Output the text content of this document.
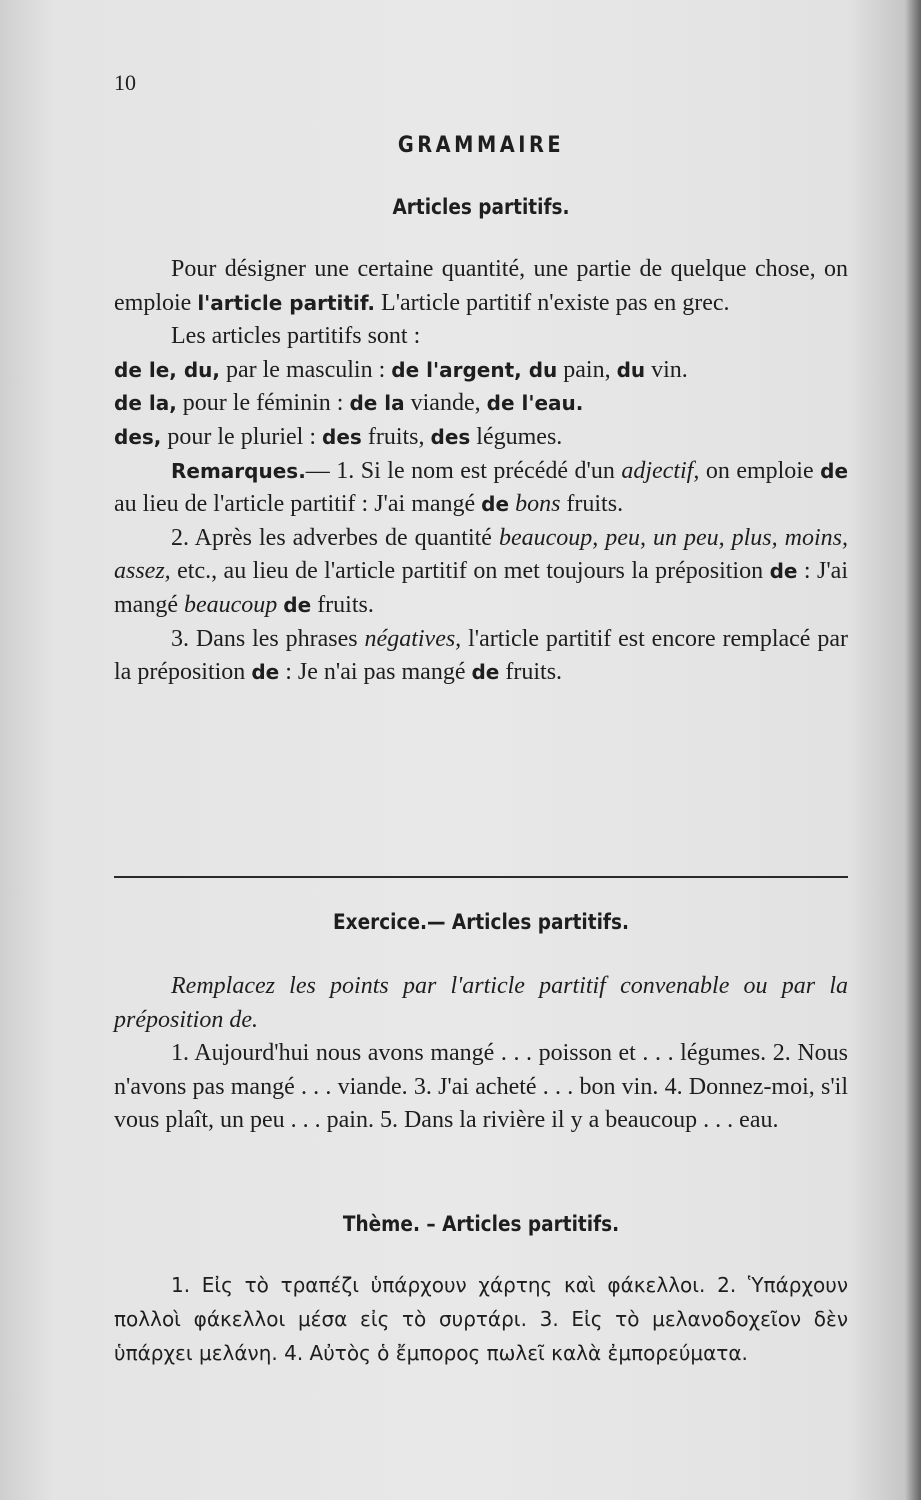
10
GRAMMAIRE
Articles partitifs.

Pour désigner une certaine quantité, une partie de quelque chose, on emploie l'article partitif. L'article partitif n'existe pas en grec.

Les articles partitifs sont :

de le, du, par le masculin : de l'argent, du pain, du vin.

de la, pour le féminin : de la viande, de l'eau.

des, pour le pluriel : des fruits, des légumes.

Remarques.— 1. Si le nom est précédé d'un adjectif, on emploie de au lieu de l'article partitif : J'ai mangé de bons fruits.

2. Après les adverbes de quantité beaucoup, peu, un peu, plus, moins, assez, etc., au lieu de l'article partitif on met toujours la préposition de : J'ai mangé beaucoup de fruits.

3. Dans les phrases négatives, l'article partitif est encore remplacé par la préposition de : Je n'ai pas mangé de fruits.

Exercice.— Articles partitifs.

Remplacez les points par l'article partitif convenable ou par la préposition de.

1. Aujourd'hui nous avons mangé . . . poisson et . . . légumes. 2. Nous n'avons pas mangé . . . viande. 3. J'ai acheté . . . bon vin. 4. Donnez-moi, s'il vous plaît, un peu . . . pain. 5. Dans la rivière il y a beaucoup . . . eau.

Thème. – Articles partitifs.

1. Εἰς τὸ τραπέζι ὑπάρχουν χάρτης καὶ φάκελλοι. 2. Ὑπάρχουν πολλοὶ φάκελλοι μέσα εἰς τὸ συρτάρι. 3. Εἰς τὸ μελανοδοχεῖον δὲν ὑπάρχει μελάνη. 4. Αὐτὸς ὁ ἔμπορος πωλεῖ καλὰ ἐμπορεύματα.
